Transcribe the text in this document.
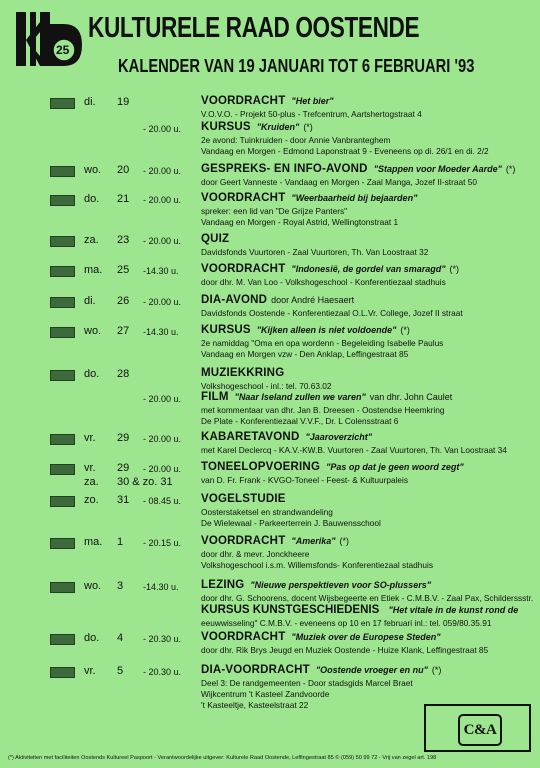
25
KULTURELE RAAD OOSTENDE
KALENDER VAN 19 JANUARI TOT 6 FEBRUARI '93
di. 19	VOORDRACHT "Het bier"
V.O.V.O. - Projekt 50-plus - Trefcentrum, Aartshertogstraat 4
- 20.00 u. KURSUS "Kruiden" (*)
2e avond: Tuinkruiden - door Annie Vanbranteghem
Vandaag en Morgen - Edmond Laponstraat 9 - Eveneens op di. 26/1 en di. 2/2
wo. 20 - 20.00 u. GESPREKS- EN INFO-AVOND "Stappen voor Moeder Aarde" (*)
door Geert Vanneste - Vandaag en Morgen - Zaal Manga, Jozef II-straat 50
do. 21 - 20.00 u. VOORDRACHT "Weerbaarheid bij bejaarden"
spreker: een lid van "De Grijze Panters"
Vandaag en Morgen - Royal Astrid, Wellingtonstraat 1
za. 23 - 20.00 u. QUIZ
Davidsfonds Vuurtoren - Zaal Vuurtoren, Th. Van Loostraat 32
ma. 25 -14.30 u. VOORDRACHT "Indonesië, de gordel van smaragd" (*)
door dhr. M. Van Loo - Volkshogeschool - Konferentiezaal stadhuis
di. 26 - 20.00 u. DIA-AVOND door André Haesaert
Davidsfonds Oostende - Konferentiezaal O.L.Vr. College, Jozef II straat
wo. 27 -14.30 u. KURSUS "Kijken alleen is niet voldoende" (*)
2e namiddag "Oma en opa wordenn - Begeleiding Isabelle Paulus
Vandaag en Morgen vzw - Den Anklap, Leffingestraat 85
do. 28	MUZIEKKRING
Volkshogeschool - inl.: tel. 70.63.02
- 20.00 u. FILM "Naar Iseland zullen we varen" van dhr. John Caulet
met kommentaar van dhr. Jan B. Dreesen - Oostendse Heemkring
De Plate - Konferentiezaal V.V.F., Dr. L Colensstraat 6
vr. 29 - 20.00 u. KABARETAVOND "Jaaroverzicht"
met Karel Declercq - KA.V.-KW.B. Vuurtoren - Zaal Vuurtoren, Th. Van Loostraat 34
vr. 29 - 20.00 u. TONEELOPVOERING "Pas op dat je geen woord zegt"
van D. Fr. Frank - KVGO-Toneel - Feest- & Kultuurpaleis
zo. 31 - 08.45 u. VOGELSTUDIE
Oosterstaketsel en strandwandeling
De Wielewaal - Parkeerterrein J. Bauwensschool
ma. 1 - 20.15 u. VOORDRACHT "Amerika" (*)
door dhr. & mevr. Jonckheere
Volkshogeschool i.s.m. Willemsfonds- Konferentiezaal stadhuis
wo. 3 -14.30 u. LEZING "Nieuwe perspektieven voor SO-plussers"
door dhr. G. Schoorens, docent Wijsbegeerte en Etiek - C.M.B.V. - Zaal Pax, Schilderssstr.
do. 4 - 20.30 u. VOORDRACHT "Muziek over de Europese Steden"
door dhr. Rik Brys Jeugd en Muziek Oostende - Huize Klank, Leffingestraat 85
vr. 5 - 20.30 u. DIA-VOORDRACHT "Oostende vroeger en nu" (*)
Deel 3: De randgemeenten - Door stadsgids Marcel Braet
Wijkcentrum 't Kasteel Zandvoorde
't Kasteeltje, Kasteelstraat 22
za. 30 & zo. 31
KURSUS KUNSTGESCHIEDENIS "Het vitale in de kunst rond de
eeuwwisseling" C.M.B.V. - eveneens op 10 en 17 februari inl.: tel. 059/80.35.91
C&A
(*) Aktiviteiten met faciliteiten Oostends Kultureel Paspoort - Verantwoordelijke uitgever: Kulturele Raad Oostende, Leffingestraat 85 © (059) 50 99 72 - Vrij van zegel art. 198
